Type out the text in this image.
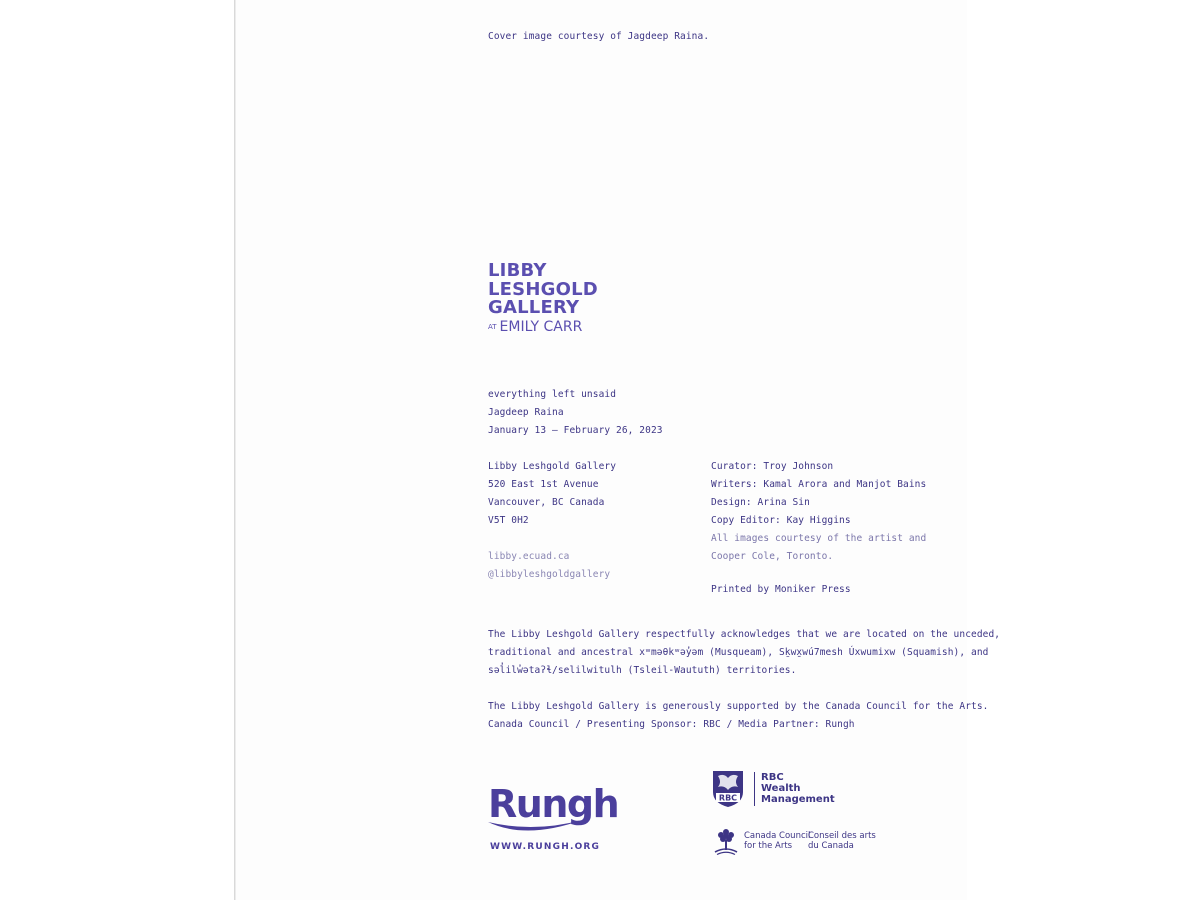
Cover image courtesy of Jagdeep Raina.
LIBBY
LESHGOLD
GALLERY
AT EMILY CARR
everything left unsaid
Jagdeep Raina
January 13 – February 26, 2023
Libby Leshgold Gallery
520 East 1st Avenue
Vancouver, BC Canada
V5T 0H2
libby.ecuad.ca
@libbyleshgoldgallery
Curator: Troy Johnson
Writers: Kamal Arora and Manjot Bains
Design: Arina Sin
Copy Editor: Kay Higgins
All images courtesy of the artist and
Cooper Cole, Toronto.
Printed by Moniker Press
The Libby Leshgold Gallery respectfully acknowledges that we are located on the unceded,
traditional and ancestral xʷməθkʷəy̓əm (Musqueam), Sḵwx̱wú7mesh Úxwumixw (Squamish), and
səl̓ilw̓ətaʔɬ/selilwitulh (Tsleil-Waututh) territories.
The Libby Leshgold Gallery is generously supported by the Canada Council for the Arts.
Canada Council / Presenting Sponsor: RBC / Media Partner: Rungh
Rungh
WWW.RUNGH.ORG
RBC
RBC
Wealth
Management
Canada Council
for the Arts
Conseil des arts
du Canada
